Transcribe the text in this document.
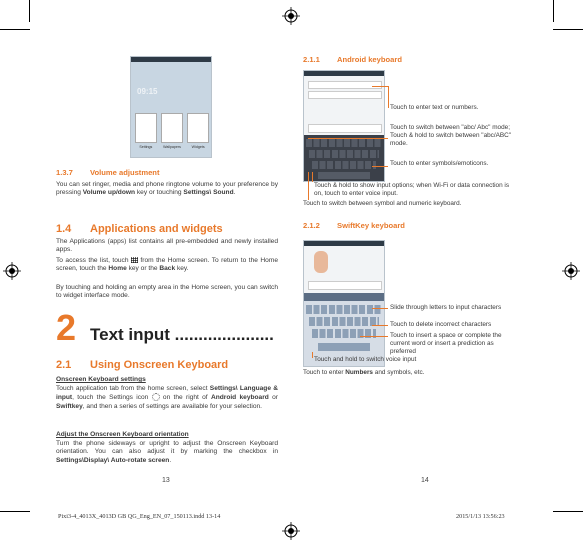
09:15
Settings	Wallpapers	Widgets
1.3.7 Volume adjustment
You can set ringer, media and phone ringtone volume to your preference by pressing Volume up/down key or touching Settings\ Sound.
1.4 Applications and widgets
The Applications (apps) list contains all pre-embedded and newly installed apps.
To access the list, touch  from the Home screen. To return to the Home screen, touch the Home key or the Back key.
By touching and holding an empty area in the Home screen, you can switch to widget interface mode.
2 Text input .....................
2.1 Using Onscreen Keyboard
Onscreen Keyboard settings
Touch application tab from the home screen, select Settings\ Language & input, touch the Settings icon  on the right of Android keyboard or Swiftkey, and then a series of settings are available for your selection.
Adjust the Onscreen Keyboard orientation
Turn the phone sideways or upright to adjust the Onscreen Keyboard orientation. You can also adjust it by marking the checkbox in Settings\Display\ Auto-rotate screen.
13
2.1.1 Android keyboard
Touch to enter text or numbers.
Touch to switch between "abc/ Abc" mode; Touch & hold to switch between "abc/ABC" mode.
Touch to enter symbols/emoticons.
Touch & hold to show input options; when Wi-Fi or data connection is on, touch to enter voice input.
Touch to switch between symbol and numeric keyboard.
2.1.2 SwiftKey keyboard
Slide through letters to input characters
Touch to delete incorrect characters
Touch to insert a space or complete the current word or insert a prediction as preferred
Touch and hold to switch voice input
Touch to enter Numbers and symbols, etc.
14
Pixi3-4_4013X_4013D GB QG_Eng_EN_07_150113.indd 13-14	2015/1/13 13:56:23
